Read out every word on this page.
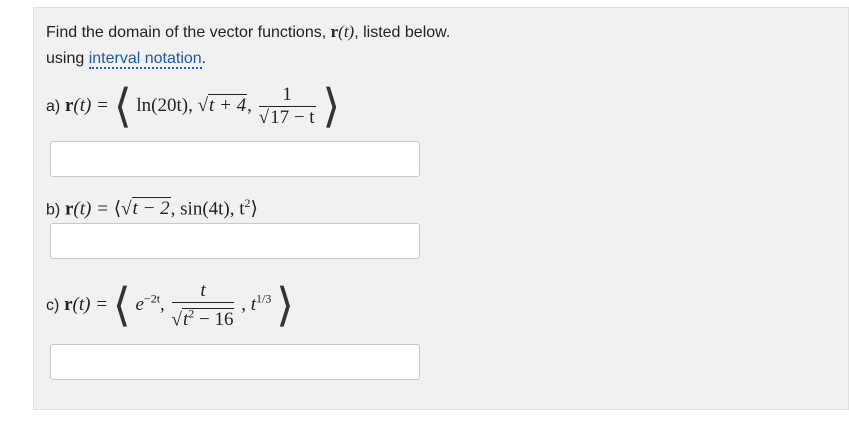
Find the domain of the vector functions, r(t), listed below.
using interval notation.
a) r(t) = ⟨ ln(20t), √t + 4, $\frac{1}{√17 - t}$ ⟩
b) r(t) = ⟨√t − 2, sin(4t), $t^2⟩$
c) r(t) = ⟨ $e^{-2t}$, $\frac{t}{√t^2 - 16}$ , $t^{1/3}$ ⟩
